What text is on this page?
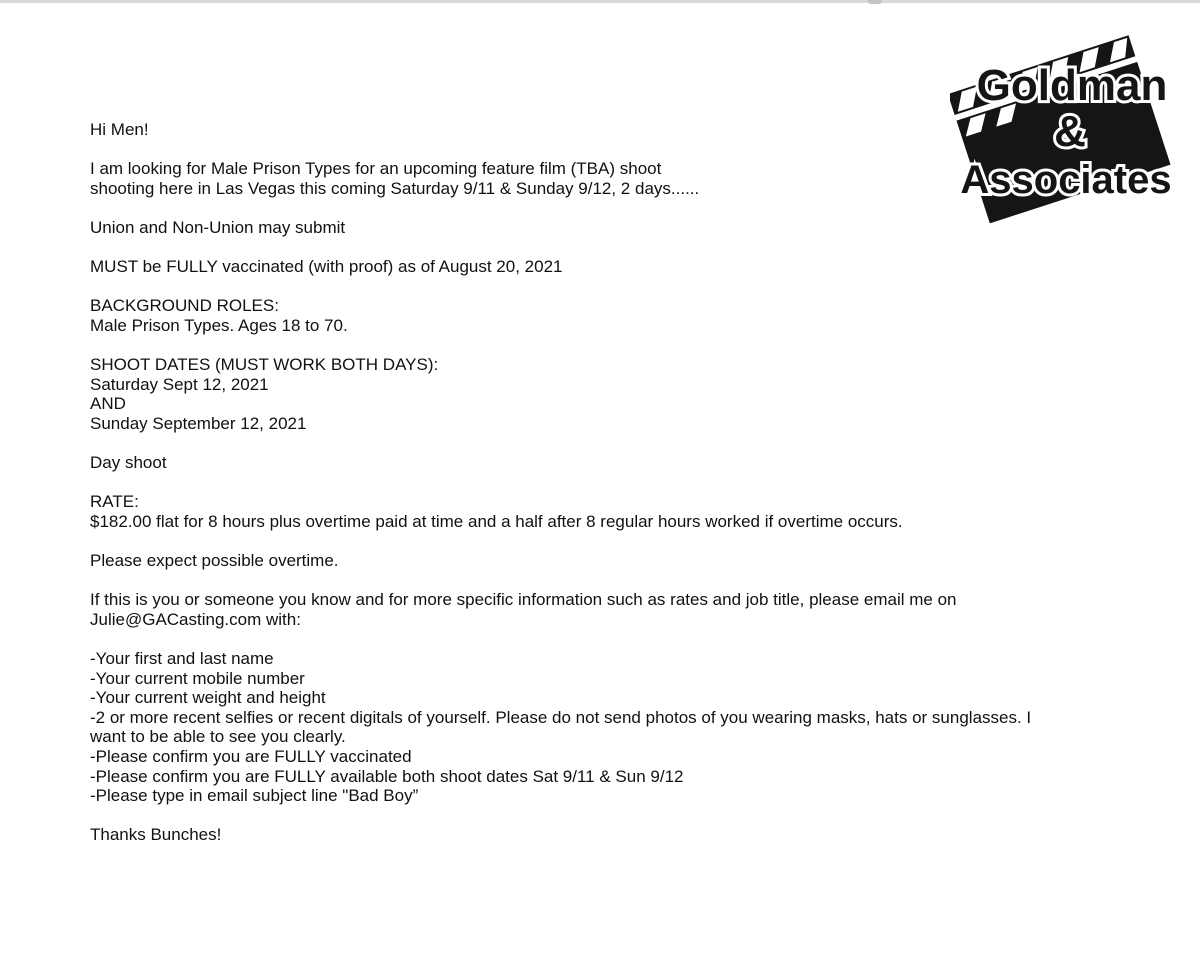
Goldman
&
Associates
Hi Men!
I am looking for Male Prison Types for an upcoming feature film (TBA) shoot
shooting here in Las Vegas this coming Saturday 9/11 & Sunday 9/12, 2 days......
Union and Non-Union may submit
MUST be FULLY vaccinated (with proof) as of August 20, 2021
BACKGROUND ROLES:
Male Prison Types. Ages 18 to 70.
SHOOT DATES (MUST WORK BOTH DAYS):
Saturday Sept 12, 2021
AND
Sunday September 12, 2021
Day shoot
RATE:
$182.00 flat for 8 hours plus overtime paid at time and a half after 8 regular hours worked if overtime occurs.
Please expect possible overtime.
If this is you or someone you know and for more specific information such as rates and job title, please email me on
Julie@GACasting.com with:
-Your first and last name
-Your current mobile number
-Your current weight and height
-2 or more recent selfies or recent digitals of yourself. Please do not send photos of you wearing masks, hats or sunglasses. I
want to be able to see you clearly.
-Please confirm you are FULLY vaccinated
-Please confirm you are FULLY available both shoot dates Sat 9/11 & Sun 9/12
-Please type in email subject line "Bad Boy”
Thanks Bunches!
